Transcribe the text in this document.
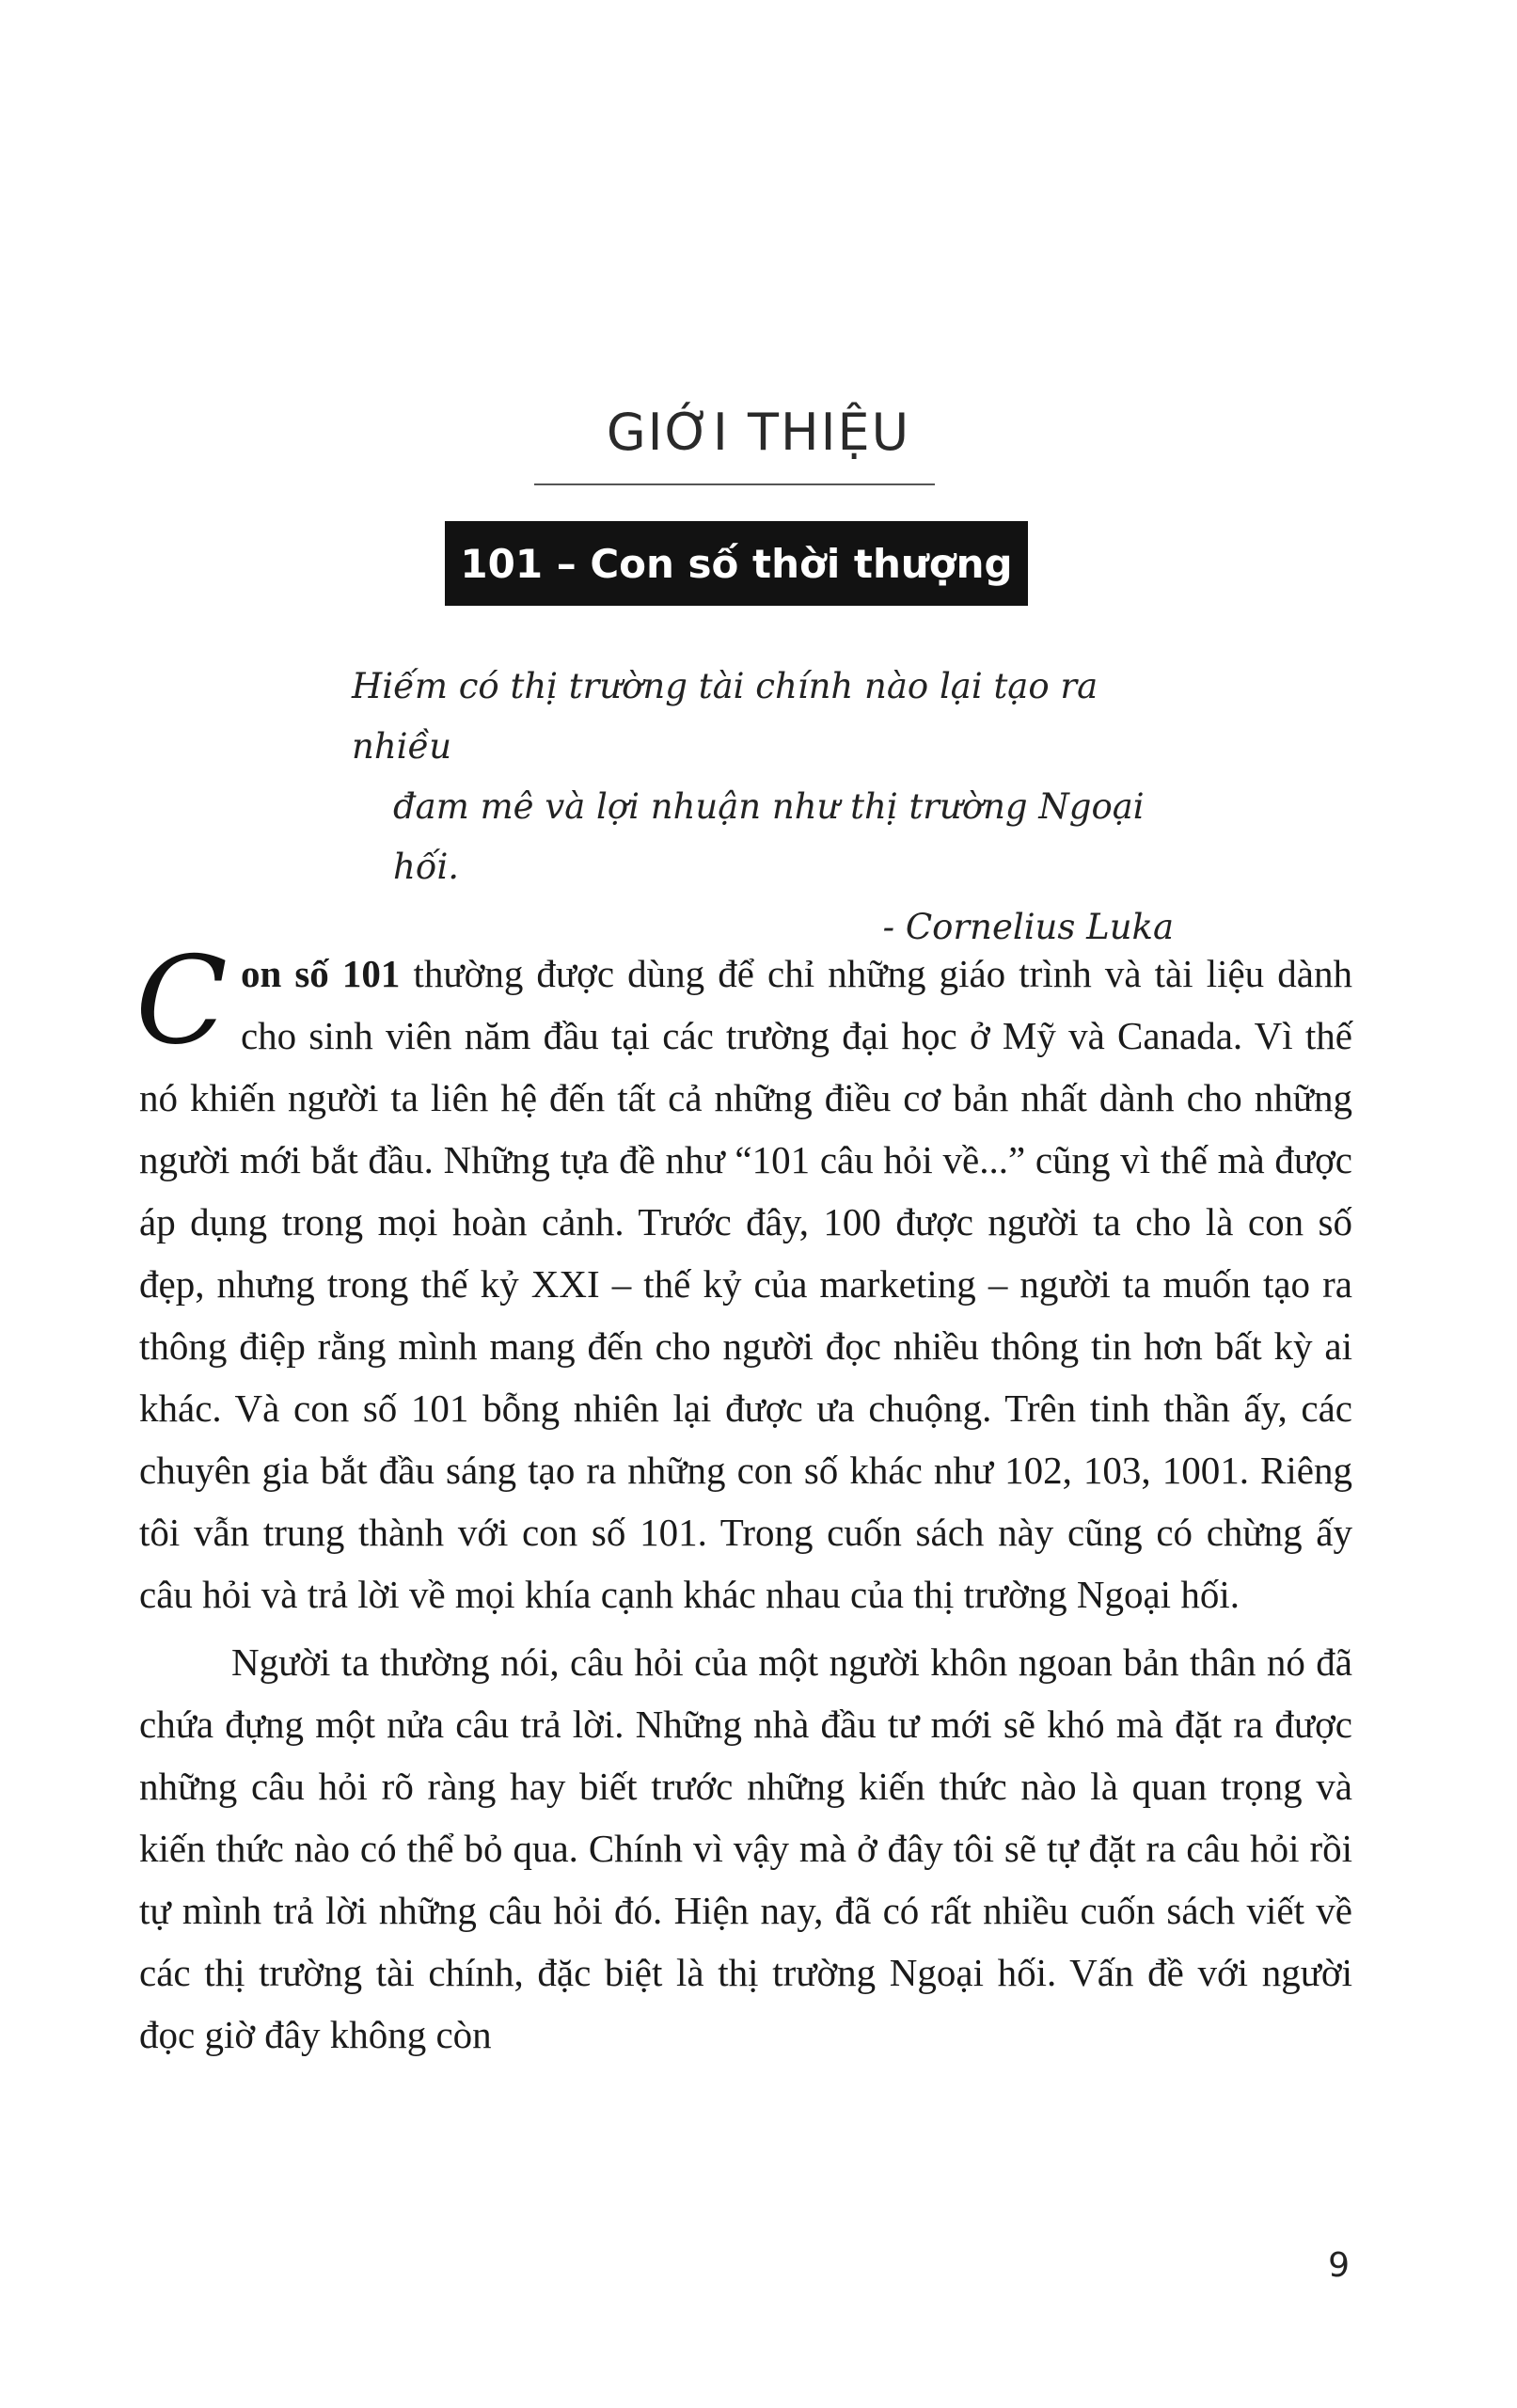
GIỚI THIỆU
101 – Con số thời thượng
Hiếm có thị trường tài chính nào lại tạo ra nhiều
đam mê và lợi nhuận như thị trường Ngoại hối.
- Cornelius Luka

Con số 101 thường được dùng để chỉ những giáo trình và tài liệu dành cho sinh viên năm đầu tại các trường đại học ở Mỹ và Canada. Vì thế nó khiến người ta liên hệ đến tất cả những điều cơ bản nhất dành cho những người mới bắt đầu. Những tựa đề như “101 câu hỏi về...” cũng vì thế mà được áp dụng trong mọi hoàn cảnh. Trước đây, 100 được người ta cho là con số đẹp, nhưng trong thế kỷ XXI – thế kỷ của marketing – người ta muốn tạo ra thông điệp rằng mình mang đến cho người đọc nhiều thông tin hơn bất kỳ ai khác. Và con số 101 bỗng nhiên lại được ưa chuộng. Trên tinh thần ấy, các chuyên gia bắt đầu sáng tạo ra những con số khác như 102, 103, 1001. Riêng tôi vẫn trung thành với con số 101. Trong cuốn sách này cũng có chừng ấy câu hỏi và trả lời về mọi khía cạnh khác nhau của thị trường Ngoại hối.

Người ta thường nói, câu hỏi của một người khôn ngoan bản thân nó đã chứa đựng một nửa câu trả lời. Những nhà đầu tư mới sẽ khó mà đặt ra được những câu hỏi rõ ràng hay biết trước những kiến thức nào là quan trọng và kiến thức nào có thể bỏ qua. Chính vì vậy mà ở đây tôi sẽ tự đặt ra câu hỏi rồi tự mình trả lời những câu hỏi đó. Hiện nay, đã có rất nhiều cuốn sách viết về các thị trường tài chính, đặc biệt là thị trường Ngoại hối. Vấn đề với người đọc giờ đây không còn

9
